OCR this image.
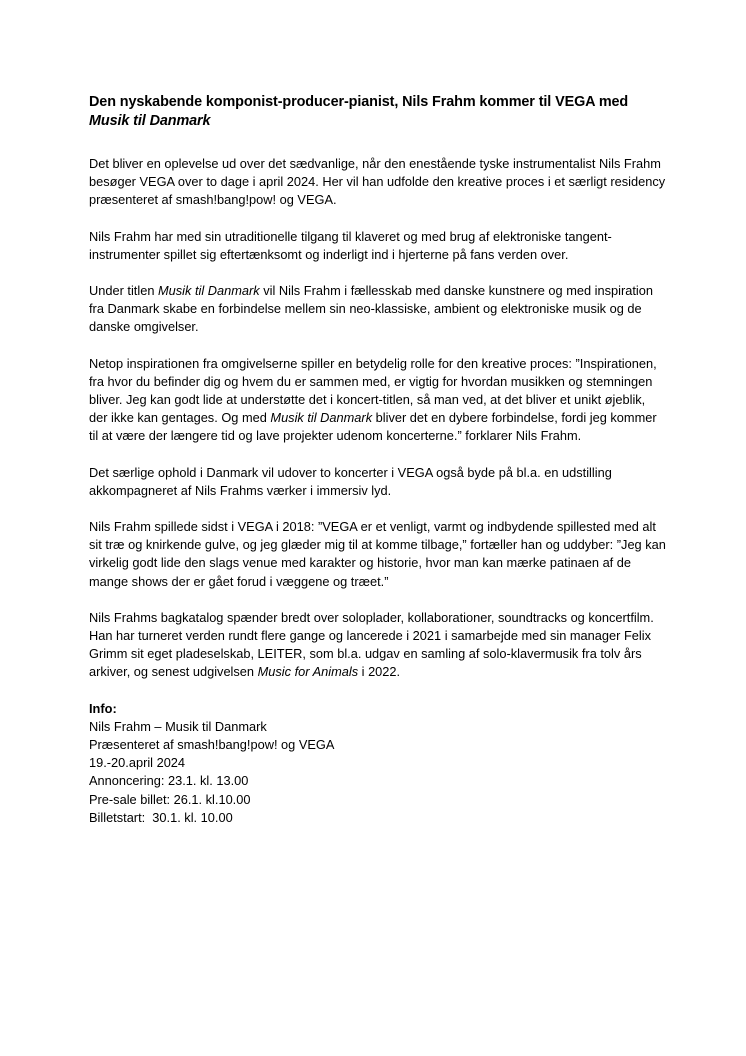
Den nyskabende komponist-producer-pianist, Nils Frahm kommer til VEGA med Musik til Danmark

Det bliver en oplevelse ud over det sædvanlige, når den enestående tyske instrumentalist Nils Frahm besøger VEGA over to dage i april 2024. Her vil han udfolde den kreative proces i et særligt residency præsenteret af smash!bang!pow! og VEGA.

Nils Frahm har med sin utraditionelle tilgang til klaveret og med brug af elektroniske tangent-instrumenter spillet sig eftertænksomt og inderligt ind i hjerterne på fans verden over.

Under titlen Musik til Danmark vil Nils Frahm i fællesskab med danske kunstnere og med inspiration fra Danmark skabe en forbindelse mellem sin neo-klassiske, ambient og elektroniske musik og de danske omgivelser.

Netop inspirationen fra omgivelserne spiller en betydelig rolle for den kreative proces: ”Inspirationen, fra hvor du befinder dig og hvem du er sammen med, er vigtig for hvordan musikken og stemningen bliver. Jeg kan godt lide at understøtte det i koncert-titlen, så man ved, at det bliver et unikt øjeblik, der ikke kan gentages. Og med Musik til Danmark bliver det en dybere forbindelse, fordi jeg kommer til at være der længere tid og lave projekter udenom koncerterne.” forklarer Nils Frahm.

Det særlige ophold i Danmark vil udover to koncerter i VEGA også byde på bl.a. en udstilling akkompagneret af Nils Frahms værker i immersiv lyd.

Nils Frahm spillede sidst i VEGA i 2018: ”VEGA er et venligt, varmt og indbydende spillested med alt sit træ og knirkende gulve, og jeg glæder mig til at komme tilbage,” fortæller han og uddyber: ”Jeg kan virkelig godt lide den slags venue med karakter og historie, hvor man kan mærke patinaen af de mange shows der er gået forud i væggene og træet.”

Nils Frahms bagkatalog spænder bredt over soloplader, kollaborationer, soundtracks og koncertfilm. Han har turneret verden rundt flere gange og lancerede i 2021 i samarbejde med sin manager Felix Grimm sit eget pladeselskab, LEITER, som bl.a. udgav en samling af solo-klavermusik fra tolv års arkiver, og senest udgivelsen Music for Animals i 2022.

Info:
Nils Frahm – Musik til Danmark
Præsenteret af smash!bang!pow! og VEGA
19.-20.april 2024
Annoncering: 23.1. kl. 13.00
Pre-sale billet: 26.1. kl.10.00
Billetstart:  30.1. kl. 10.00
